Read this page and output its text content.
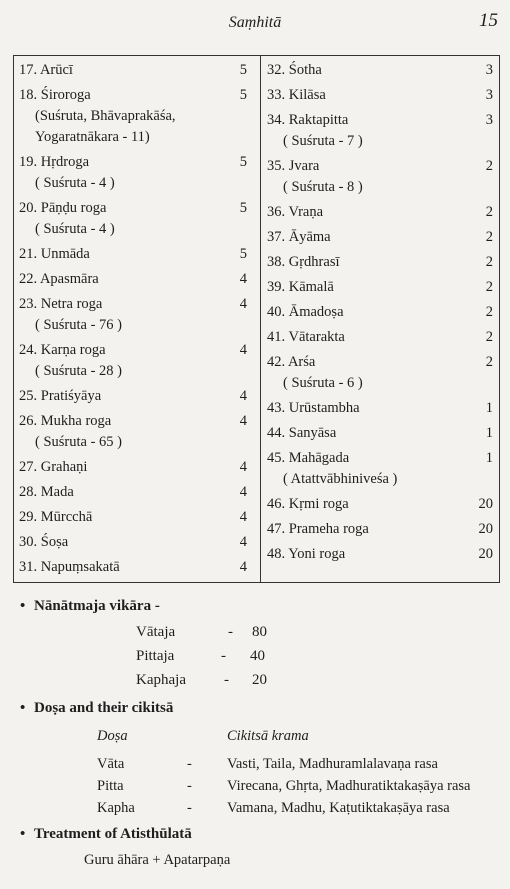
Saṃhitā	15
17. Arūcī	5
18. Śiroroga
(Suśruta, Bhāvaprakāśa,
Yogaratnākara - 11)
5
19. Hṛdroga
( Suśruta - 4 )
5
20. Pāṇḍu roga
( Suśruta - 4 )
5
21. Unmāda	5
22. Apasmāra	4
23. Netra roga
( Suśruta - 76 )
4
24. Karṇa roga
( Suśruta - 28 )
4
25. Pratiśyāya	4
26. Mukha roga
( Suśruta - 65 )
4
27. Grahaṇi	4
28. Mada	4
29. Mūrcchā	4
30. Śoṣa	4
31. Napuṃsakatā	4
32. Śotha	3
33. Kilāsa	3
34. Raktapitta
( Suśruta - 7 )
3
35. Jvara
( Suśruta - 8 )
2
36. Vraṇa	2
37. Āyāma	2
38. Gṛdhrasī	2
39. Kāmalā	2
40. Āmadoṣa	2
41. Vātarakta	2
42. Arśa
( Suśruta - 6 )
2
43. Urūstambha	1
44. Sanyāsa	1
45. Mahāgada
( Atattvābhiniveśa )
1
46. Kṛmi roga	20
47. Prameha roga	20
48. Yoni roga	20
• Nānātmaja vikāra -
Vātaja	- 80
Pittaja	- 40
Kaphaja	- 20
• Doṣa and their cikitsā
Doṣa	Cikitsā krama
Vāta	- Vasti, Taila, Madhuramlalavaṇa rasa
Pitta	- Virecana, Ghṛta, Madhuratiktakaṣāya rasa
Kapha	- Vamana, Madhu, Kaṭutiktakaṣāya rasa
• Treatment of Atisthūlatā
Guru āhāra + Apatarpaṇa
